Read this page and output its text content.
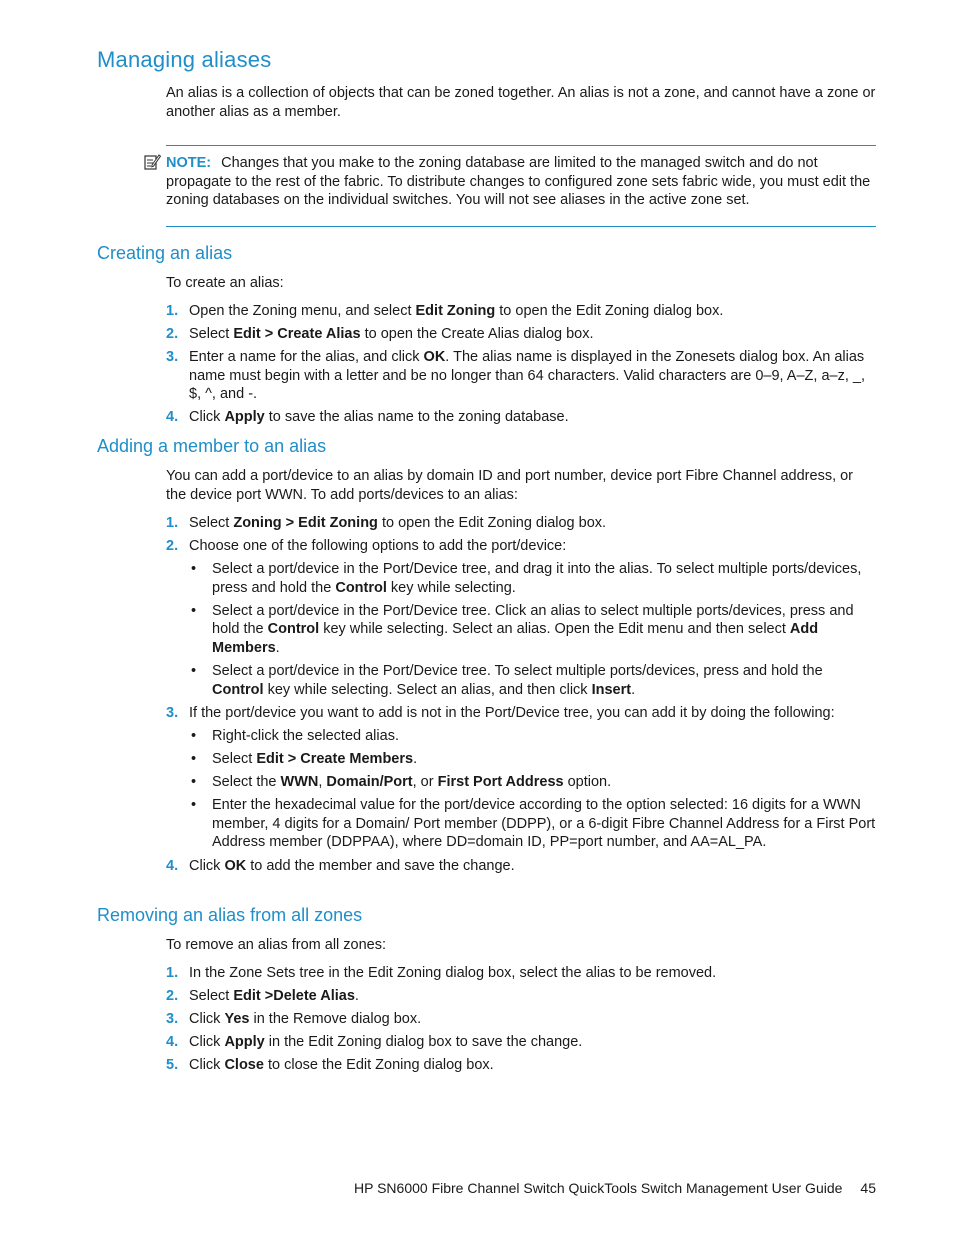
Managing aliases

An alias is a collection of objects that can be zoned together. An alias is not a zone, and cannot have a zone or another alias as a member.

NOTE: Changes that you make to the zoning database are limited to the managed switch and do not propagate to the rest of the fabric. To distribute changes to configured zone sets fabric wide, you must edit the zoning databases on the individual switches. You will not see aliases in the active zone set.

Creating an alias

To create an alias:

1. Open the Zoning menu, and select Edit Zoning to open the Edit Zoning dialog box.
2. Select Edit > Create Alias to open the Create Alias dialog box.
3. Enter a name for the alias, and click OK. The alias name is displayed in the Zonesets dialog box. An alias name must begin with a letter and be no longer than 64 characters. Valid characters are 0–9, A–Z, a–z, _, $, ^, and -.
4. Click Apply to save the alias name to the zoning database.
Adding a member to an alias

You can add a port/device to an alias by domain ID and port number, device port Fibre Channel address, or the device port WWN. To add ports/devices to an alias:

1. Select Zoning > Edit Zoning to open the Edit Zoning dialog box.
2. Choose one of the following options to add the port/device:
• Select a port/device in the Port/Device tree, and drag it into the alias. To select multiple ports/devices, press and hold the Control key while selecting.
• Select a port/device in the Port/Device tree. Click an alias to select multiple ports/devices, press and hold the Control key while selecting. Select an alias. Open the Edit menu and then select Add Members.
• Select a port/device in the Port/Device tree. To select multiple ports/devices, press and hold the Control key while selecting. Select an alias, and then click Insert.
3. If the port/device you want to add is not in the Port/Device tree, you can add it by doing the following:
• Right-click the selected alias.
• Select Edit > Create Members.
• Select the WWN, Domain/Port, or First Port Address option.
• Enter the hexadecimal value for the port/device according to the option selected: 16 digits for a WWN member, 4 digits for a Domain/ Port member (DDPP), or a 6-digit Fibre Channel Address for a First Port Address member (DDPPAA), where DD=domain ID, PP=port number, and AA=AL_PA.
4. Click OK to add the member and save the change.
Removing an alias from all zones

To remove an alias from all zones:

1. In the Zone Sets tree in the Edit Zoning dialog box, select the alias to be removed.
2. Select Edit >Delete Alias.
3. Click Yes in the Remove dialog box.
4. Click Apply in the Edit Zoning dialog box to save the change.
5. Click Close to close the Edit Zoning dialog box.
HP SN6000 Fibre Channel Switch QuickTools Switch Management User Guide 45
